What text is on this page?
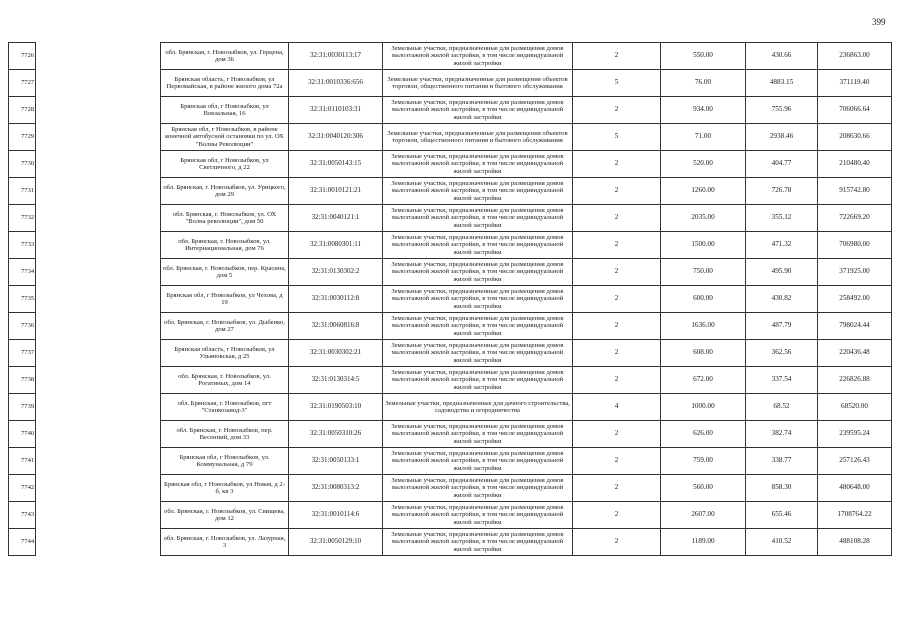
399
7726		обл. Брянская, г. Новозыбков, ул. Герцена, дом 36	32:31:0030113:17	Земельные участки, предназначенные для размещения домов малоэтажной жилой застройки, в том числе индивидуальной жилой застройки	2	550.00	430.66	236863.00
7727		Брянская область, г Новозыбков, ул Первомайская, в районе жилого дома 72а	32:31:0010336:656	Земельные участки, предназначенные для размещения объектов торговли, общественного питания и бытового обслуживания	5	76.00	4883.15	371119.40
7728		Брянская обл, г Новозыбков, ул Вокзальная, 16	32:31:0110103:31	Земельные участки, предназначенные для размещения домов малоэтажной жилой застройки, в том числе индивидуальной жилой застройки	2	934.00	755.96	706066.64
7729		Брянская обл, г Новозыбков, в районе конечной автобусной остановки по ул. ОХ "Волны Революции"	32:31:0040120:306	Земельные участки, предназначенные для размещения объектов торговли, общественного питания и бытового обслуживания	5	71.00	2938.46	208630.66
7730		Брянская обл, г Новозыбков, ул Светличного, д 22	32:31:0050143:15	Земельные участки, предназначенные для размещения домов малоэтажной жилой застройки, в том числе индивидуальной жилой застройки	2	520.00	404.77	210480.40
7731		обл. Брянская, г. Новозыбков, ул. Урицкого, дом 29	32:31:0010121:21	Земельные участки, предназначенные для размещения домов малоэтажной жилой застройки, в том числе индивидуальной жилой застройки	2	1260.00	726.78	915742.80
7732		обл. Брянская, г. Новозыбков, ул. ОХ "Волна революции", дом 50	32:31:0040121:1	Земельные участки, предназначенные для размещения домов малоэтажной жилой застройки, в том числе индивидуальной жилой застройки	2	2035.00	355.12	722669.20
7733		обл. Брянская, г. Новозыбков, ул. Интернациональная, дом 76	32:31:0080301:11	Земельные участки, предназначенные для размещения домов малоэтажной жилой застройки, в том числе индивидуальной жилой застройки	2	1500.00	471.32	706980.00
7734		обл. Брянская, г. Новозыбков, пер. Красина, дом 5	32:31:0130302:2	Земельные участки, предназначенные для размещения домов малоэтажной жилой застройки, в том числе индивидуальной жилой застройки	2	750.00	495.90	371925.00
7735		Брянская обл, г Новозыбков, ул Чехова, д 19	32:31:0030112:8	Земельные участки, предназначенные для размещения домов малоэтажной жилой застройки, в том числе индивидуальной жилой застройки	2	600.00	430.82	258492.00
7736		обл. Брянская, г. Новозыбков, ул. Дыбенко, дом 27	32:31:0060816:8	Земельные участки, предназначенные для размещения домов малоэтажной жилой застройки, в том числе индивидуальной жилой застройки	2	1636.00	487.79	798024.44
7737		Брянская область, г Новозыбков, ул Ульяновская, д 25	32:31:0030302:21	Земельные участки, предназначенные для размещения домов малоэтажной жилой застройки, в том числе индивидуальной жилой застройки	2	608.00	362.56	220436.48
7738		обл. Брянская, г. Новозыбков, ул. Рогатиных, дом 14	32:31:0130314:5	Земельные участки, предназначенные для размещения домов малоэтажной жилой застройки, в том числе индивидуальной жилой застройки	2	672.00	337.54	226826.88
7739		обл. Брянская, г. Новозыбков, пгт "Станкозавод-3"	32:31:0190503:10	Земельные участки, предназначенные для дачного строительства, садоводства и огородничества	4	1000.00	68.52	68520.00
7740		обл. Брянская, г. Новозыбков, пер. Весенний, дом 33	32:31:0050310:26	Земельные участки, предназначенные для размещения домов малоэтажной жилой застройки, в том числе индивидуальной жилой застройки	2	626.00	382.74	239595.24
7741		Брянская обл, г Новозыбков, ул. Коммунальная, д 79	32:31:0050133:1	Земельные участки, предназначенные для размещения домов малоэтажной жилой застройки, в том числе индивидуальной жилой застройки	2	759.00	338.77	257126.43
7742		Брянская обл, г Новозыбков, ул Новая, д 2-б, кв 3	32:31:0080313:2	Земельные участки, предназначенные для размещения домов малоэтажной жилой застройки, в том числе индивидуальной жилой застройки	2	560.00	858.30	480648.00
7743		обл. Брянская, г. Новозыбков, ул. Свищева, дом 12	32:31:0010114:6	Земельные участки, предназначенные для размещения домов малоэтажной жилой застройки, в том числе индивидуальной жилой застройки	2	2607.00	655.46	1708764.22
7744		обл. Брянская, г. Новозыбков, ул. Лазурная, 3	32:31:0050129:10	Земельные участки, предназначенные для размещения домов малоэтажной жилой застройки, в том числе индивидуальной жилой застройки	2	1189.00	410.52	488108.28
